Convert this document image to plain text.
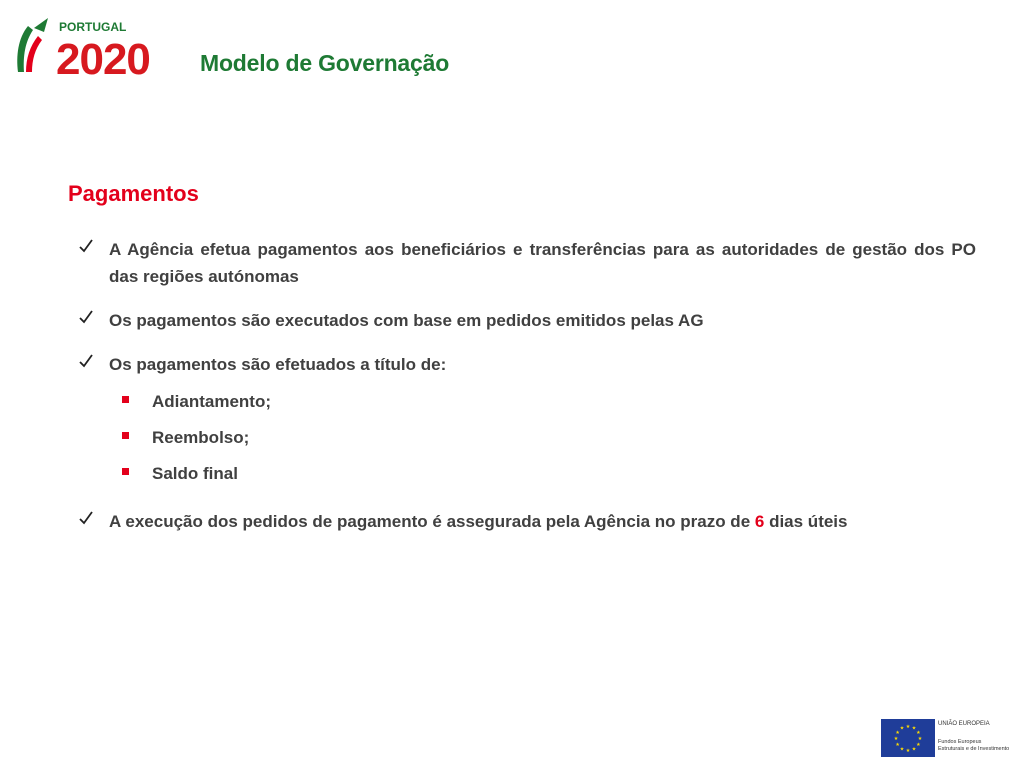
PORTUGAL
2020 Modelo de Governação
Pagamentos
A Agência efetua pagamentos aos beneficiários e transferências para as autoridades de gestão dos PO das regiões autónomas
Os pagamentos são executados com base em pedidos emitidos pelas AG
Os pagamentos são efetuados a título de:
Adiantamento;
Reembolso;
Saldo final
A execução dos pedidos de pagamento é assegurada pela Agência no prazo de 6 dias úteis
★
★
★
★
★
★
★
★
★ ★ ★
★
UNIÃO EUROPEIA
Fundos Europeus
Estruturais e de Investimento
